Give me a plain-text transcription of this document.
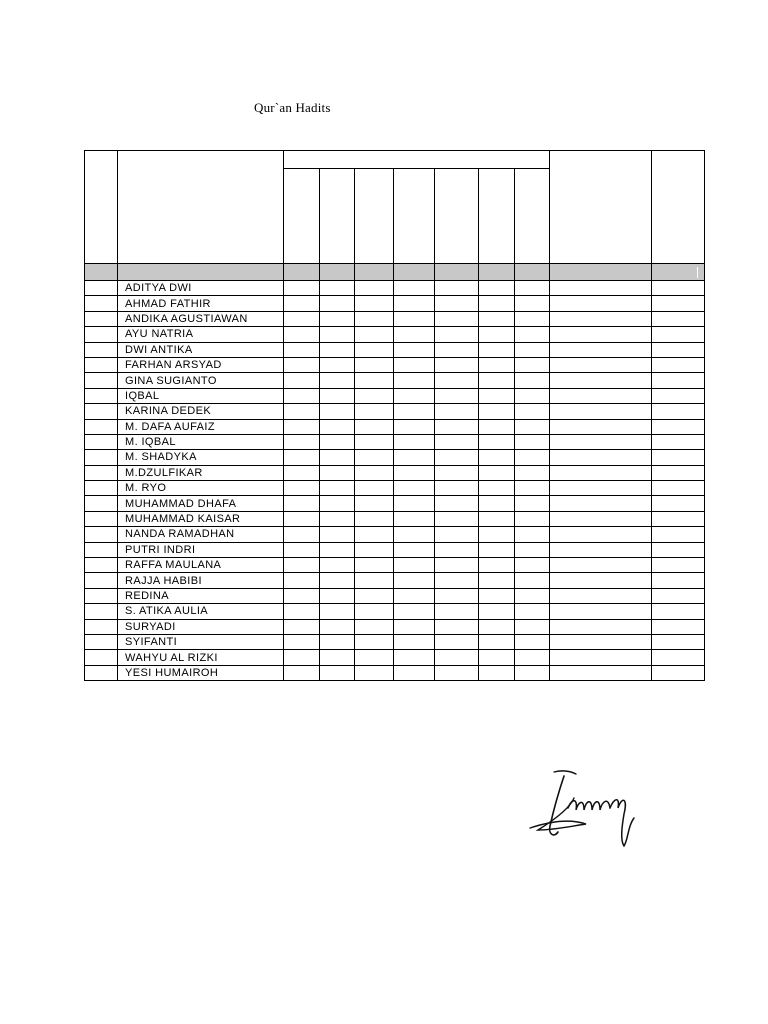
Qur`an Hadits

	ADITYA DWI									
	AHMAD FATHIR									
	ANDIKA AGUSTIAWAN									
	AYU NATRIA									
	DWI ANTIKA									
	FARHAN ARSYAD									
	GINA SUGIANTO									
	IQBAL									
	KARINA DEDEK									
	M. DAFA AUFAIZ									
	M. IQBAL									
	M. SHADYKA									
	M.DZULFIKAR									
	M. RYO									
	MUHAMMAD DHAFA									
	MUHAMMAD KAISAR									
	NANDA RAMADHAN									
	PUTRI INDRI									
	RAFFA MAULANA									
	RAJJA HABIBI									
	REDINA									
	S. ATIKA AULIA									
	SURYADI									
	SYIFANTI									
	WAHYU AL RIZKI									
	YESI HUMAIROH									
